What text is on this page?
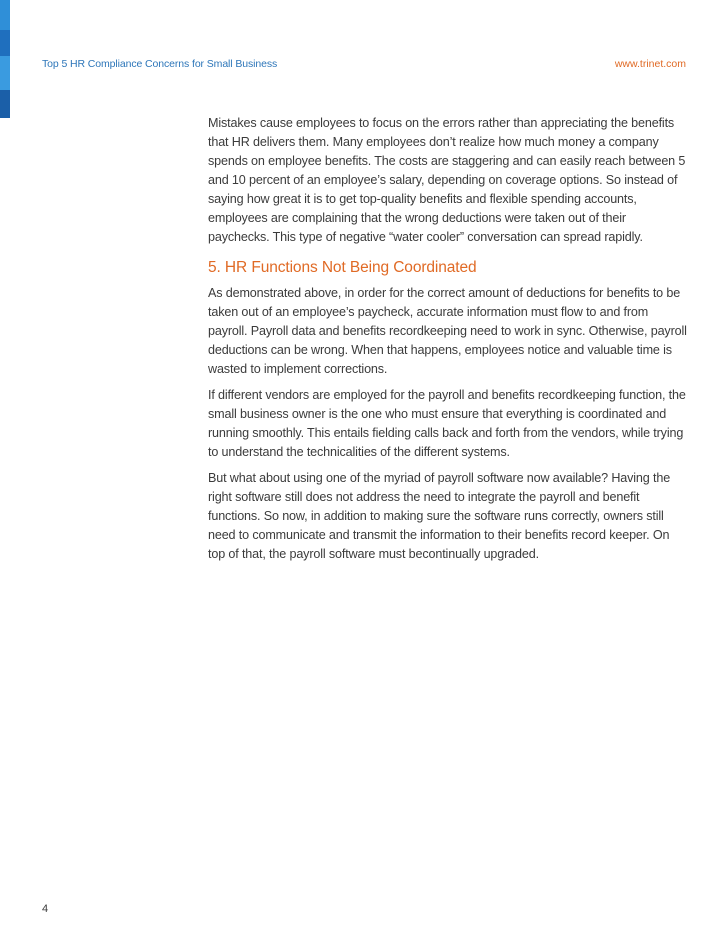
Top 5 HR Compliance Concerns for Small Business	www.trinet.com

Mistakes cause employees to focus on the errors rather than appreciating the benefits that HR delivers them. Many employees don’t realize how much money a company spends on employee benefits. The costs are staggering and can easily reach between 5 and 10 percent of an employee’s salary, depending on coverage options. So instead of saying how great it is to get top-quality benefits and flexible spending accounts, employees are complaining that the wrong deductions were taken out of their paychecks. This type of negative “water cooler” conversation can spread rapidly.

5. HR Functions Not Being Coordinated

As demonstrated above, in order for the correct amount of deductions for benefits to be taken out of an employee’s paycheck, accurate information must flow to and from payroll. Payroll data and benefits recordkeeping need to work in sync. Otherwise, payroll deductions can be wrong. When that happens, employees notice and valuable time is wasted to implement corrections.

If different vendors are employed for the payroll and benefits recordkeeping function, the small business owner is the one who must ensure that everything is coordinated and running smoothly. This entails fielding calls back and forth from the vendors, while trying to understand the technicalities of the different systems.

But what about using one of the myriad of payroll software now available? Having the right software still does not address the need to integrate the payroll and benefit functions. So now, in addition to making sure the software runs correctly, owners still need to communicate and transmit the information to their benefits record keeper. On top of that, the payroll software must becontinually upgraded.

4
